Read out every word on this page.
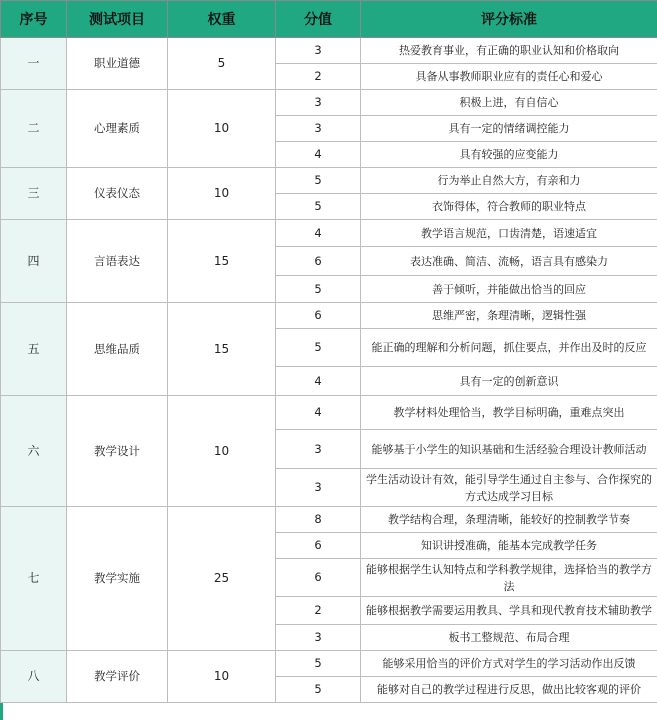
序号	测试项目	权重	分值	评分标准
一	职业道德	5	3	热爱教育事业，有正确的职业认知和价格取向
			2	具备从事教师职业应有的责任心和爱心
二	心理素质	10	3	积极上进，有自信心
			3	具有一定的情绪调控能力
			4	具有较强的应变能力
三	仪表仪态	10	5	行为举止自然大方，有亲和力
			5	衣饰得体，符合教师的职业特点
四	言语表达	15	4	教学语言规范，口齿清楚，语速适宜
			6	表达准确、简洁、流畅，语言具有感染力
			5	善于倾听，并能做出恰当的回应
五	思维品质	15	6	思维严密，条理清晰，逻辑性强
			5	能正确的理解和分析问题，抓住要点，并作出及时的反应
			4	具有一定的创新意识
六	教学设计	10	4	教学材料处理恰当，教学目标明确，重难点突出
			3	能够基于小学生的知识基础和生活经验合理设计教师活动
			3	学生活动设计有效，能引导学生通过自主参与、合作探究的方式达成学习目标
七	教学实施	25	8	教学结构合理，条理清晰，能较好的控制教学节奏
			6	知识讲授准确，能基本完成教学任务
			6	能够根据学生认知特点和学科教学规律，选择恰当的教学方法
			2	能够根据教学需要运用教具、学具和现代教育技术辅助教学
			3	板书工整规范、布局合理
八	教学评价	10	5	能够采用恰当的评价方式对学生的学习活动作出反馈
			5	能够对自己的教学过程进行反思，做出比较客观的评价
